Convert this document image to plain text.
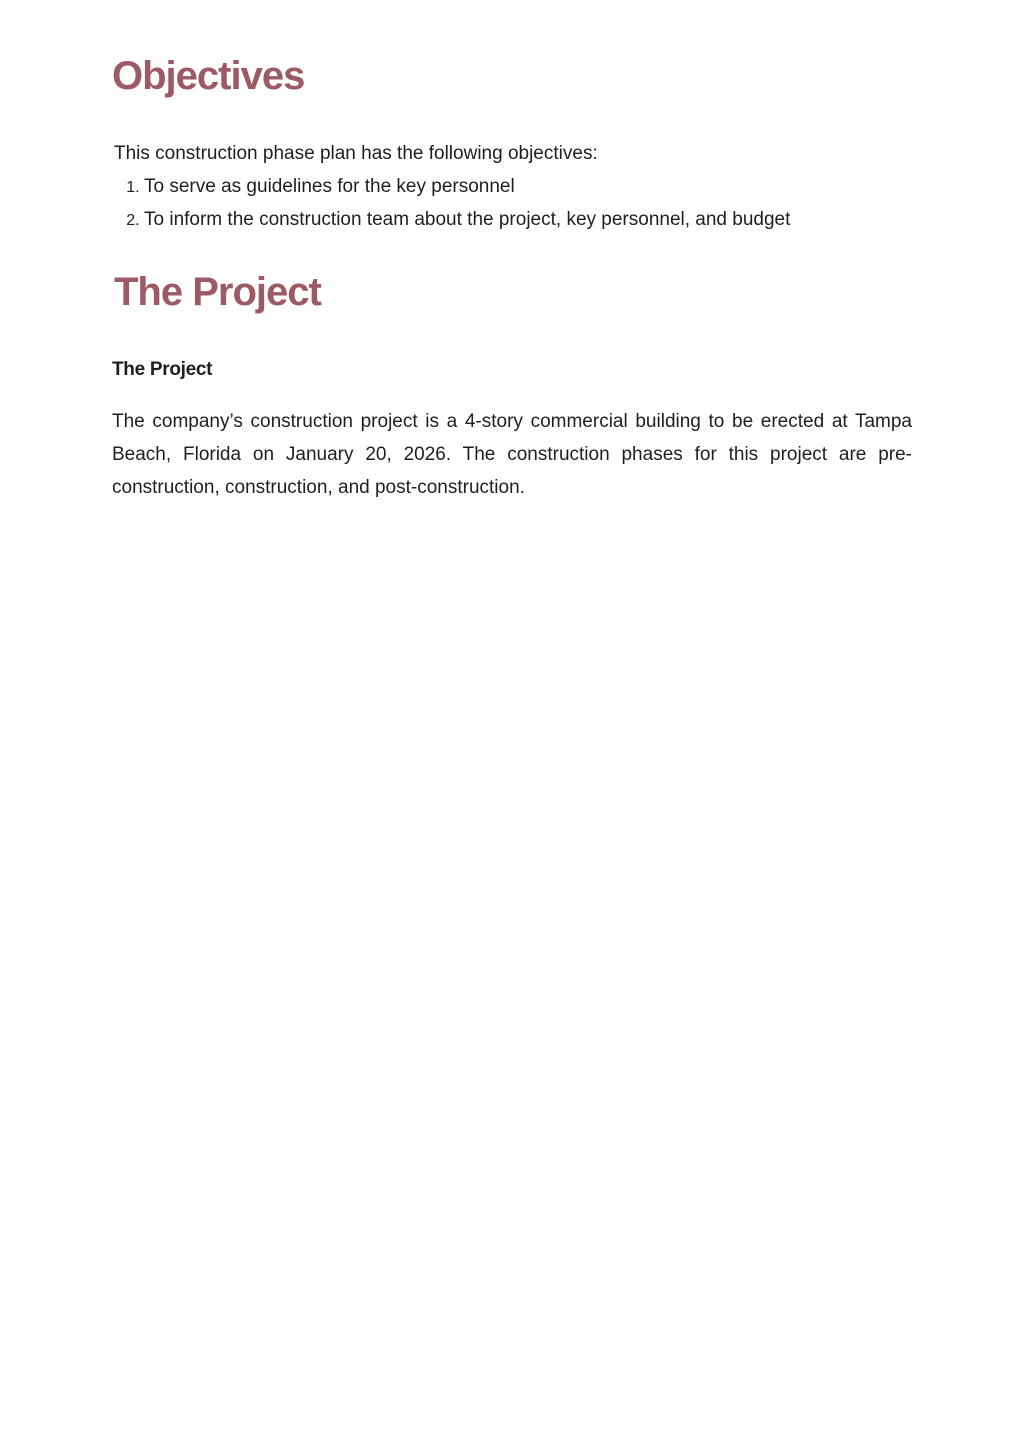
Objectives

This construction phase plan has the following objectives:

1. To serve as guidelines for the key personnel
2. To inform the construction team about the project, key personnel, and budget
The Project
The Project

The company’s construction project is a 4-story commercial building to be erected at Tampa Beach, Florida on January 20, 2026. The construction phases for this project are pre-construction, construction, and post-construction.
